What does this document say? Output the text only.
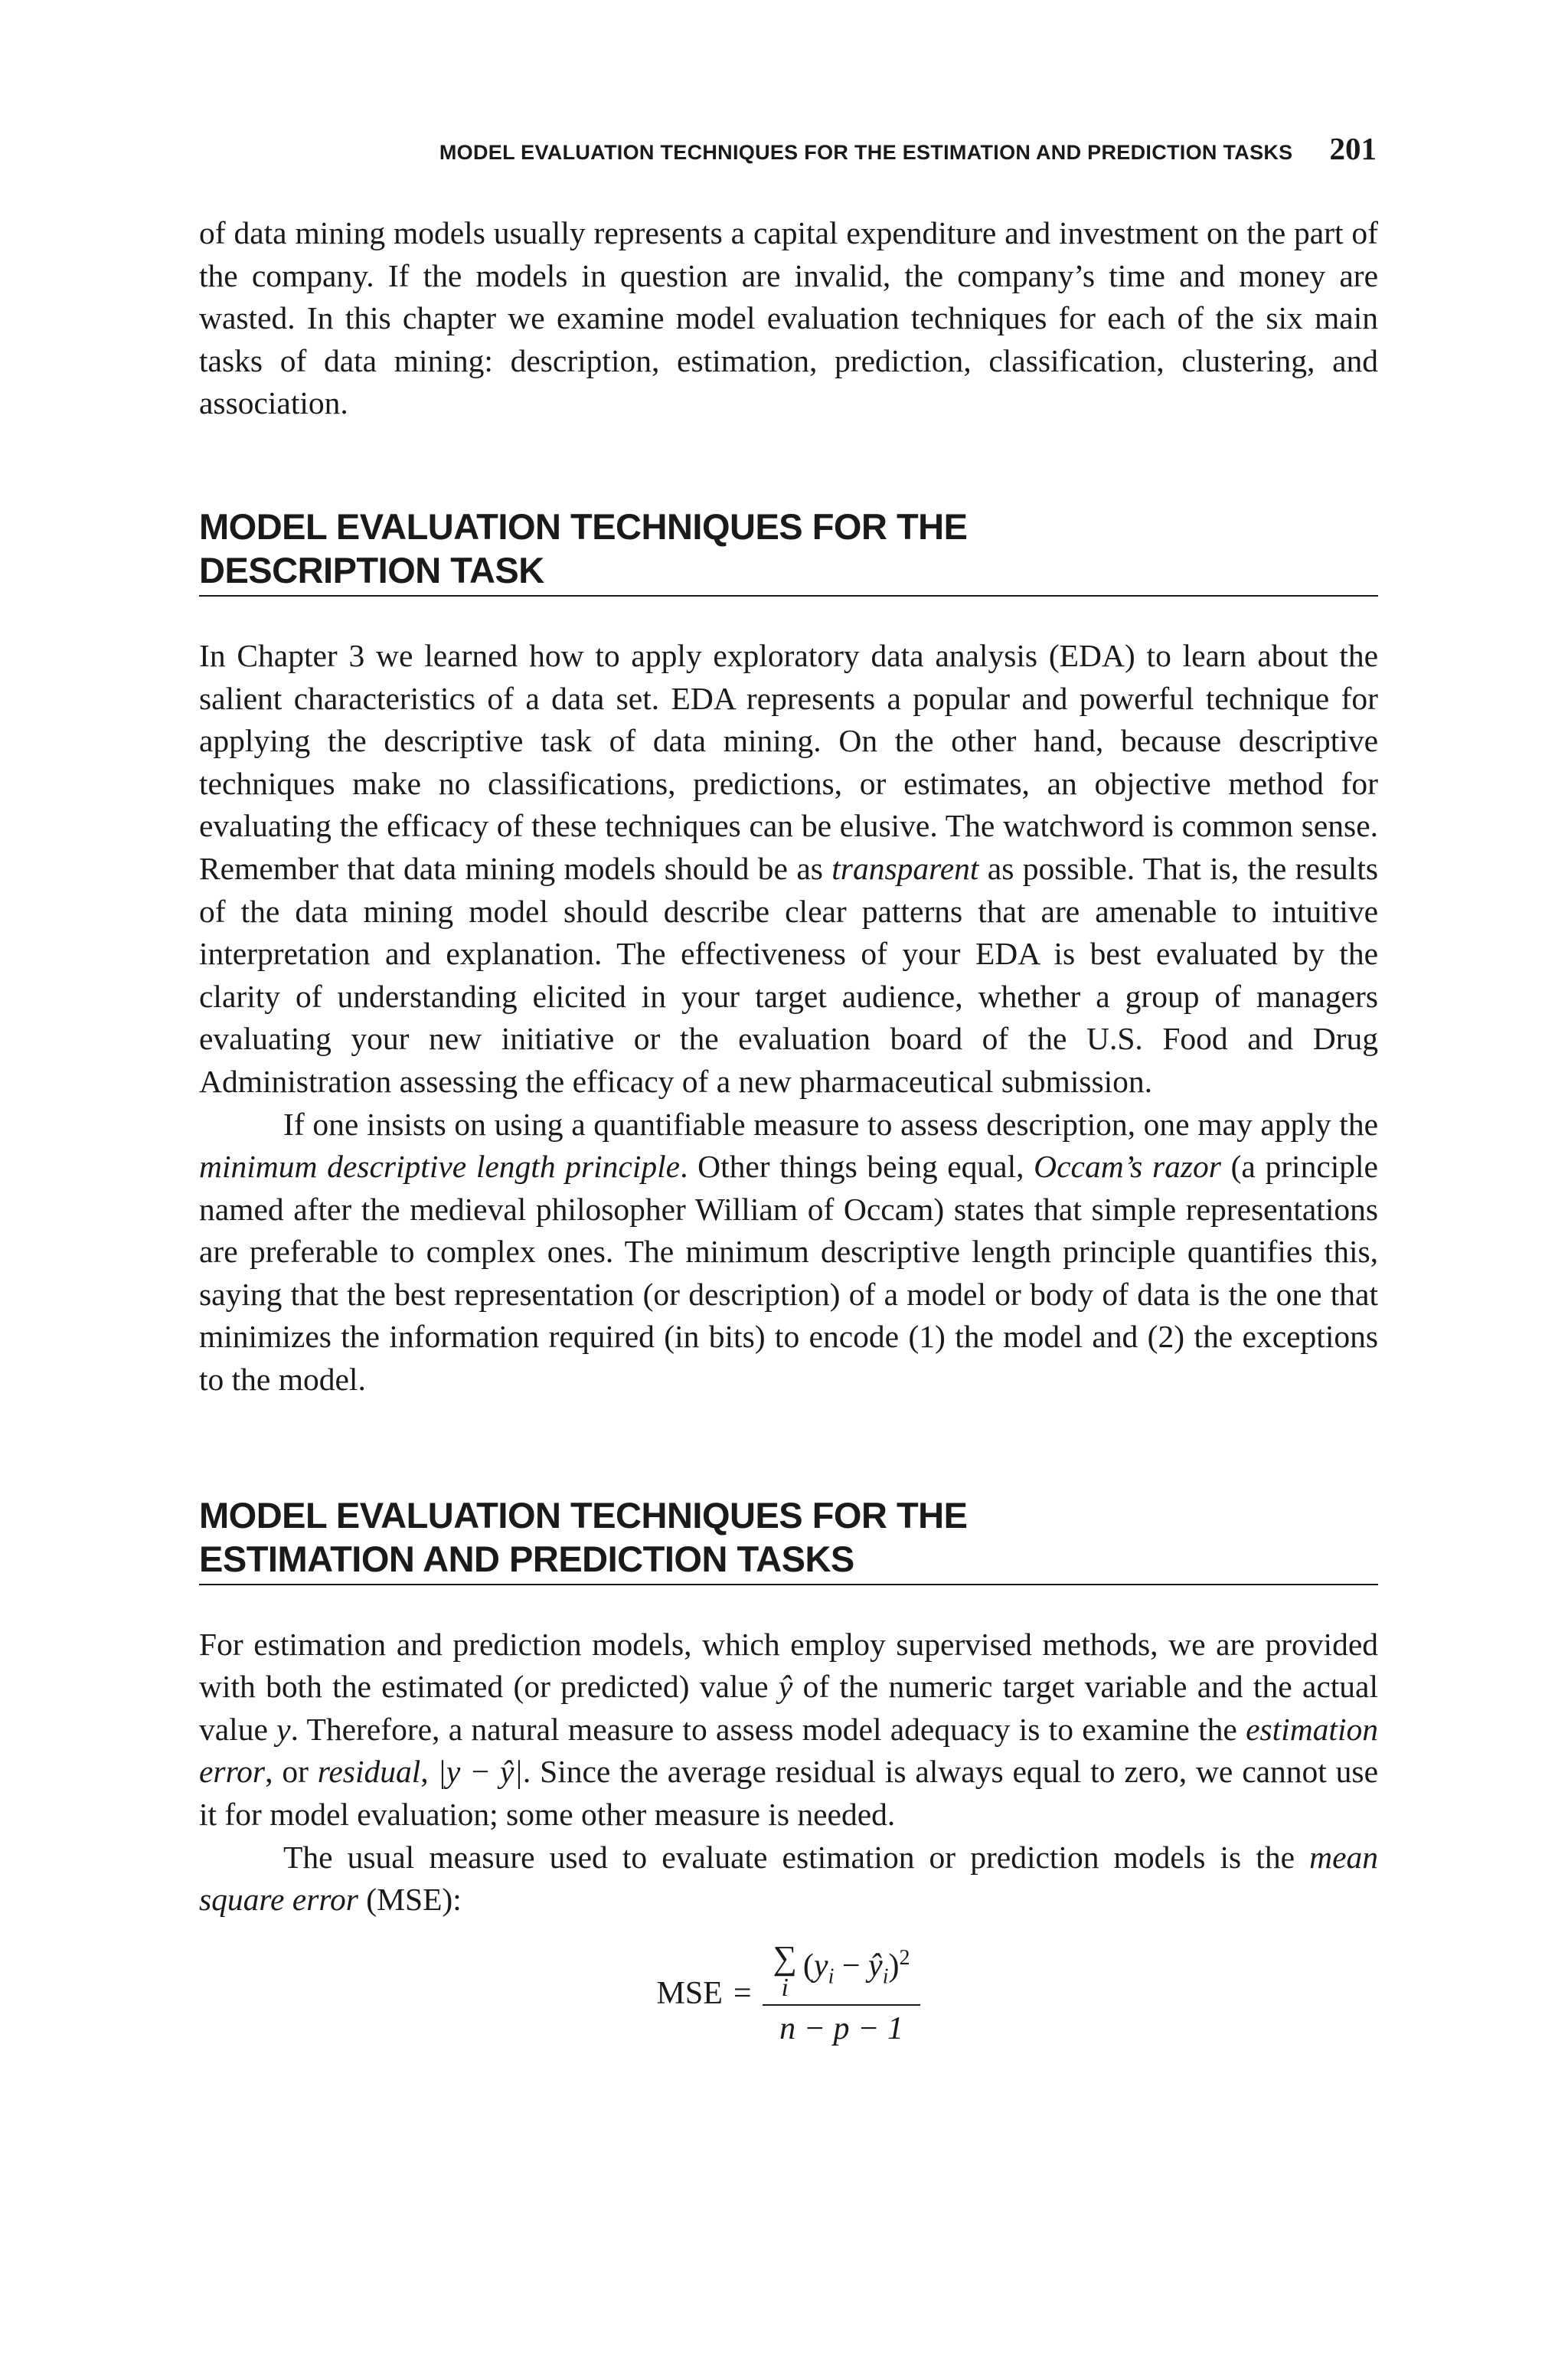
MODEL EVALUATION TECHNIQUES FOR THE ESTIMATION AND PREDICTION TASKS 201

of data mining models usually represents a capital expenditure and investment on the part of the company. If the models in question are invalid, the company’s time and money are wasted. In this chapter we examine model evaluation techniques for each of the six main tasks of data mining: description, estimation, prediction, classification, clustering, and association.

MODEL EVALUATION TECHNIQUES FOR THE
DESCRIPTION TASK

In Chapter 3 we learned how to apply exploratory data analysis (EDA) to learn about the salient characteristics of a data set. EDA represents a popular and powerful technique for applying the descriptive task of data mining. On the other hand, because descriptive techniques make no classifications, predictions, or estimates, an objective method for evaluating the efficacy of these techniques can be elusive. The watchword is common sense. Remember that data mining models should be as transparent as possible. That is, the results of the data mining model should describe clear patterns that are amenable to intuitive interpretation and explanation. The effectiveness of your EDA is best evaluated by the clarity of understanding elicited in your target audience, whether a group of managers evaluating your new initiative or the evaluation board of the U.S. Food and Drug Administration assessing the efficacy of a new pharmaceutical submission.

If one insists on using a quantifiable measure to assess description, one may apply the minimum descriptive length principle. Other things being equal, Occam’s razor (a principle named after the medieval philosopher William of Occam) states that simple representations are preferable to complex ones. The minimum descriptive length principle quantifies this, saying that the best representation (or description) of a model or body of data is the one that minimizes the information required (in bits) to encode (1) the model and (2) the exceptions to the model.

MODEL EVALUATION TECHNIQUES FOR THE
ESTIMATION AND PREDICTION TASKS

For estimation and prediction models, which employ supervised methods, we are provided with both the estimated (or predicted) value ŷ of the numeric target variable and the actual value y. Therefore, a natural measure to assess model adequacy is to examine the estimation error, or residual, |y − ŷ|. Since the average residual is always equal to zero, we cannot use it for model evaluation; some other measure is needed.

The usual measure used to evaluate estimation or prediction models is the mean square error (MSE):

MSE = ∑
i
($y_i$ − $ŷ_i)^2$
n − p − 1
